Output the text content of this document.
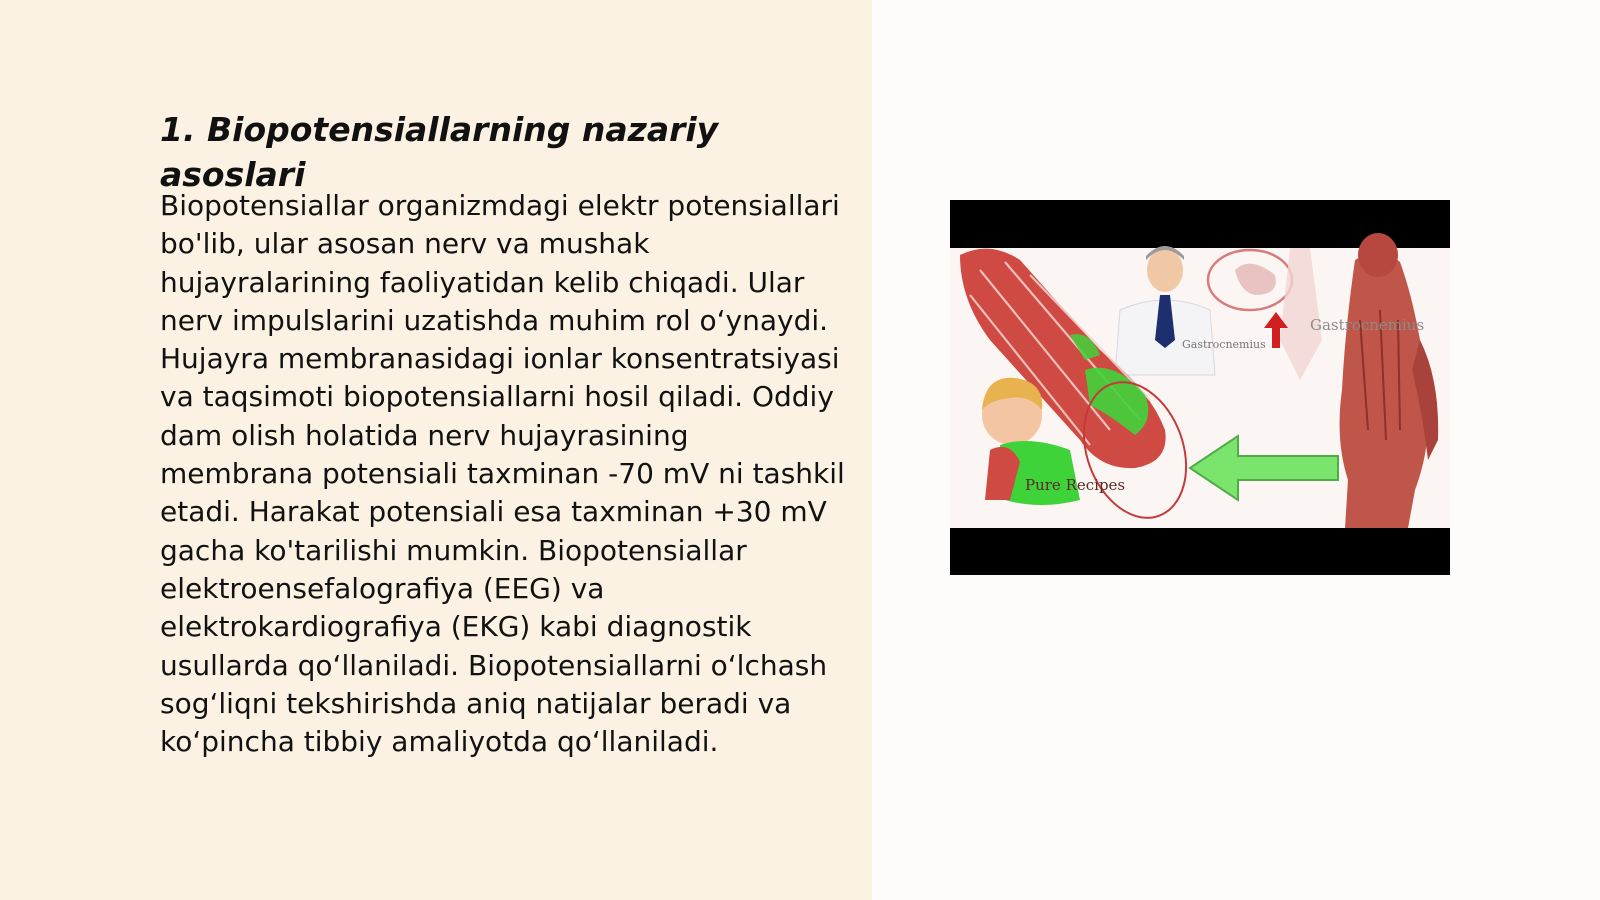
1. Biopotensiallarning nazariy asoslari

Biopotensiallar organizmdagi elektr potensiallari bo'lib, ular asosan nerv va mushak hujayralarining faoliyatidan kelib chiqadi. Ular nerv impulslarini uzatishda muhim rol o‘ynaydi. Hujayra membranasidagi ionlar konsentratsiyasi va taqsimoti biopotensiallarni hosil qiladi. Oddiy dam olish holatida nerv hujayrasining membrana potensiali taxminan -70 mV ni tashkil etadi. Harakat potensiali esa taxminan +30 mV gacha ko'tarilishi mumkin. Biopotensiallar elektroensefalografiya (EEG) va elektrokardiografiya (EKG) kabi diagnostik usullarda qo‘llaniladi. Biopotensiallarni o‘lchash sog‘liqni tekshirishda aniq natijalar beradi va ko‘pincha tibbiy amaliyotda qo‘llaniladi.

Gastrocnemius
Gastrocnemius
Pure Recipes
